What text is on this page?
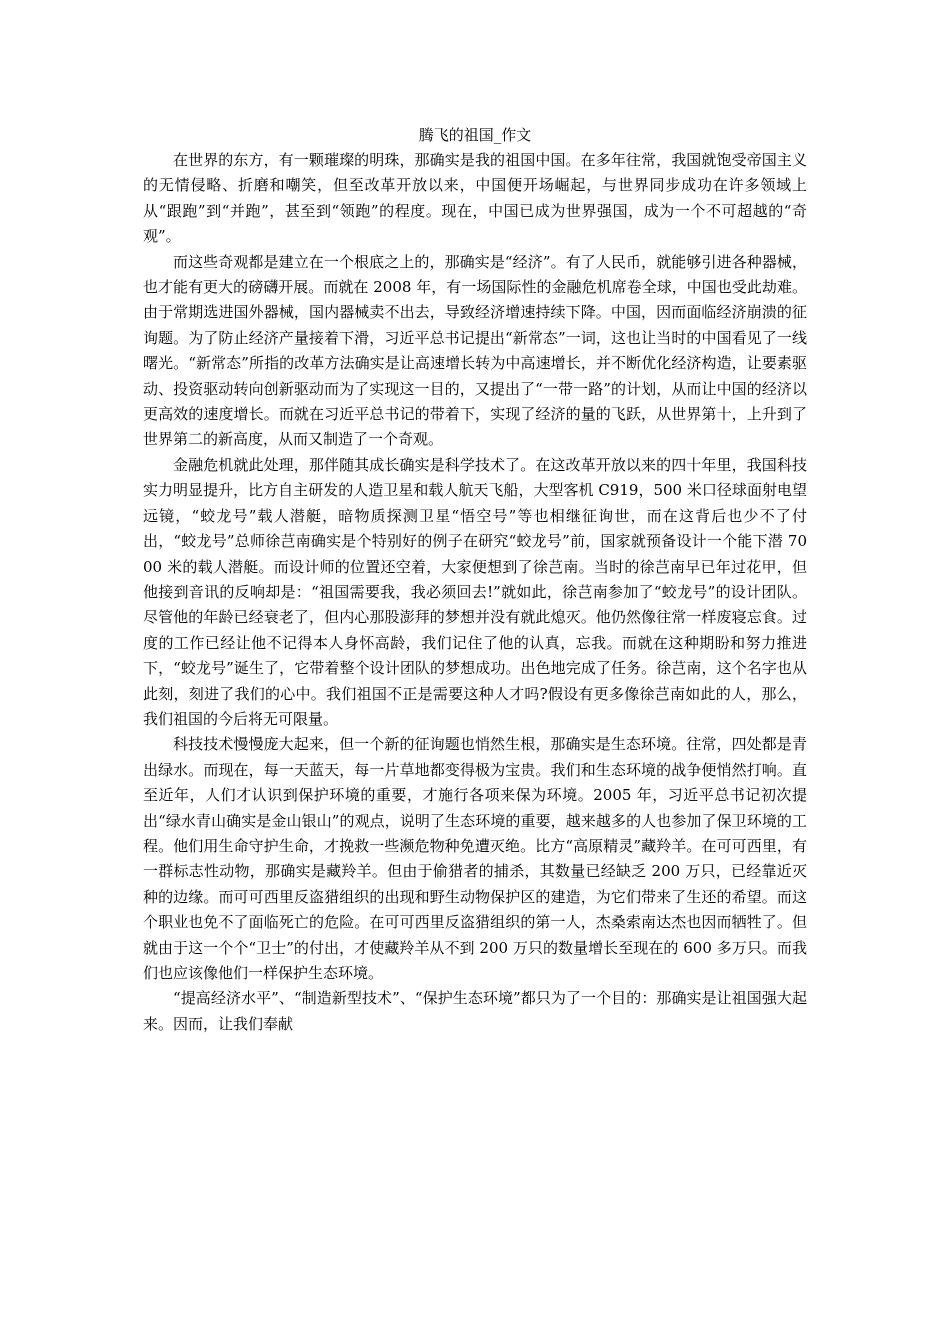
腾飞的祖国_作文

在世界的东方，有一颗璀璨的明珠，那确实是我的祖国中国。在多年往常，我国就饱受帝国主义的无情侵略、折磨和嘲笑，但至改革开放以来，中国便开场崛起，与世界同步成功在许多领域上从“跟跑”到“并跑”，甚至到“领跑”的程度。现在，中国已成为世界强国，成为一个不可超越的“奇观”。

而这些奇观都是建立在一个根底之上的，那确实是“经济”。有了人民币，就能够引进各种器械，也才能有更大的磅礴开展。而就在 2008 年，有一场国际性的金融危机席卷全球，中国也受此劫难。由于常期选进国外器械，国内器械卖不出去，导致经济增速持续下降。中国，因而面临经济崩溃的征询题。为了防止经济产量接着下滑，习近平总书记提出“新常态”一词，这也让当时的中国看见了一线曙光。“新常态”所指的改革方法确实是让高速增长转为中高速增长，并不断优化经济构造，让要素驱动、投资驱动转向创新驱动而为了实现这一目的，又提出了“一带一路”的计划，从而让中国的经济以更高效的速度增长。而就在习近平总书记的带着下，实现了经济的量的飞跃，从世界第十，上升到了世界第二的新高度，从而又制造了一个奇观。

金融危机就此处理，那伴随其成长确实是科学技术了。在这改革开放以来的四十年里，我国科技实力明显提升，比方自主研发的人造卫星和载人航天飞船，大型客机 C919，500 米口径球面射电望远镜，“蛟龙号”载人潜艇，暗物质探测卫星“悟空号”等也相继征询世，而在这背后也少不了付出，“蛟龙号”总师徐芑南确实是个特别好的例子在研究“蛟龙号”前，国家就预备设计一个能下潜 7000 米的载人潜艇。而设计师的位置还空着，大家便想到了徐芑南。当时的徐芑南早已年过花甲，但他接到音讯的反响却是：“祖国需要我，我必须回去!”就如此，徐芑南参加了“蛟龙号”的设计团队。尽管他的年龄已经衰老了，但内心那股澎拜的梦想并没有就此熄灭。他仍然像往常一样废寝忘食。过度的工作已经让他不记得本人身怀高龄，我们记住了他的认真，忘我。而就在这种期盼和努力推进下，“蛟龙号”诞生了，它带着整个设计团队的梦想成功。出色地完成了任务。徐芑南，这个名字也从此刻，刻进了我们的心中。我们祖国不正是需要这种人才吗?假设有更多像徐芑南如此的人，那么，我们祖国的今后将无可限量。

科技技术慢慢庞大起来，但一个新的征询题也悄然生根，那确实是生态环境。往常，四处都是青出绿水。而现在，每一天蓝天，每一片草地都变得极为宝贵。我们和生态环境的战争便悄然打响。直至近年，人们才认识到保护环境的重要，才施行各项来保为环境。2005 年，习近平总书记初次提出“绿水青山确实是金山银山”的观点，说明了生态环境的重要，越来越多的人也参加了保卫环境的工程。他们用生命守护生命，才挽救一些濒危物种免遭灭绝。比方“高原精灵”藏羚羊。在可可西里，有一群标志性动物，那确实是藏羚羊。但由于偷猎者的捕杀，其数量已经缺乏 200 万只，已经靠近灭种的边缘。而可可西里反盗猎组织的出现和野生动物保护区的建造，为它们带来了生还的希望。而这个职业也免不了面临死亡的危险。在可可西里反盗猎组织的第一人，杰桑索南达杰也因而牺牲了。但就由于这一个个“卫士”的付出，才使藏羚羊从不到 200 万只的数量增长至现在的 600 多万只。而我们也应该像他们一样保护生态环境。

“提高经济水平”、“制造新型技术”、“保护生态环境”都只为了一个目的：那确实是让祖国强大起来。因而，让我们奉献
